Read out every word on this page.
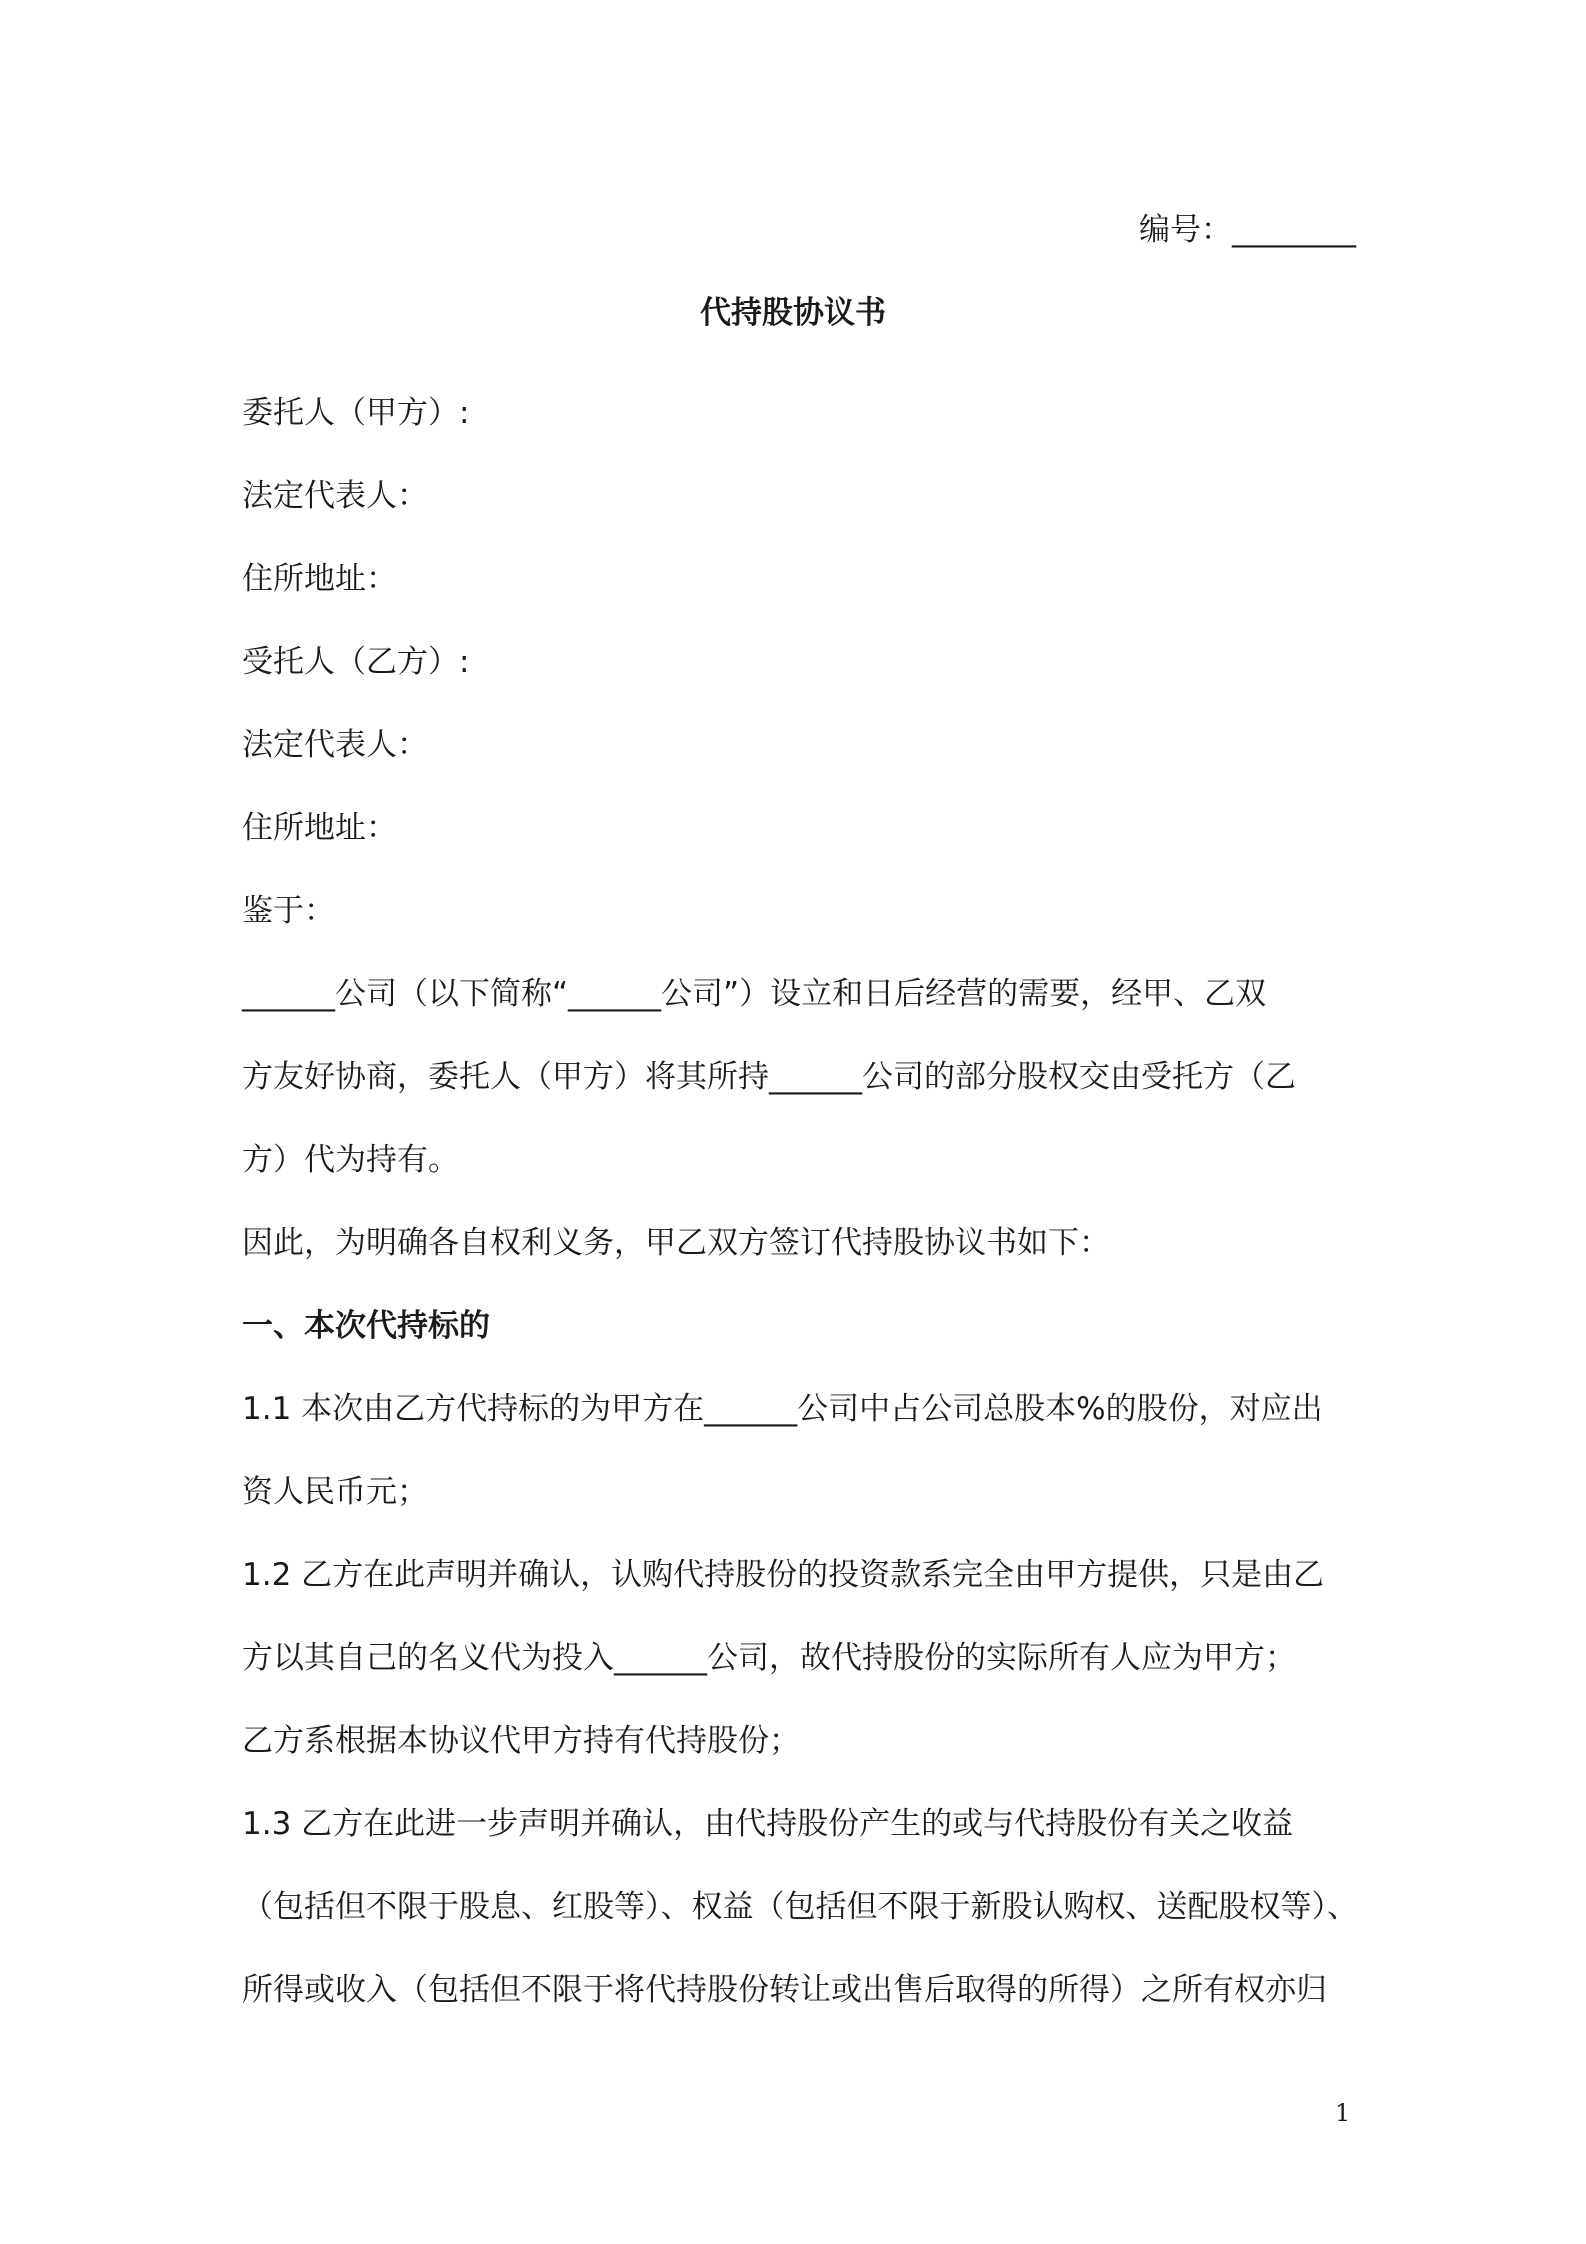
编号：________
代持股协议书

委托人（甲方）:

法定代表人：

住所地址：

受托人（乙方）:

法定代表人：

住所地址：

鉴于：

______公司（以下简称“______公司”）设立和日后经营的需要，经甲、乙双

方友好协商，委托人（甲方）将其所持______公司的部分股权交由受托方（乙

方）代为持有。

因此，为明确各自权利义务，甲乙双方签订代持股协议书如下：

一、本次代持标的

1.1 本次由乙方代持标的为甲方在______公司中占公司总股本%的股份，对应出

资人民币元；

1.2 乙方在此声明并确认，认购代持股份的投资款系完全由甲方提供，只是由乙

方以其自己的名义代为投入______公司，故代持股份的实际所有人应为甲方；

乙方系根据本协议代甲方持有代持股份；

1.3 乙方在此进一步声明并确认，由代持股份产生的或与代持股份有关之收益

（包括但不限于股息、红股等）、权益（包括但不限于新股认购权、送配股权等）、

所得或收入（包括但不限于将代持股份转让或出售后取得的所得）之所有权亦归

1
